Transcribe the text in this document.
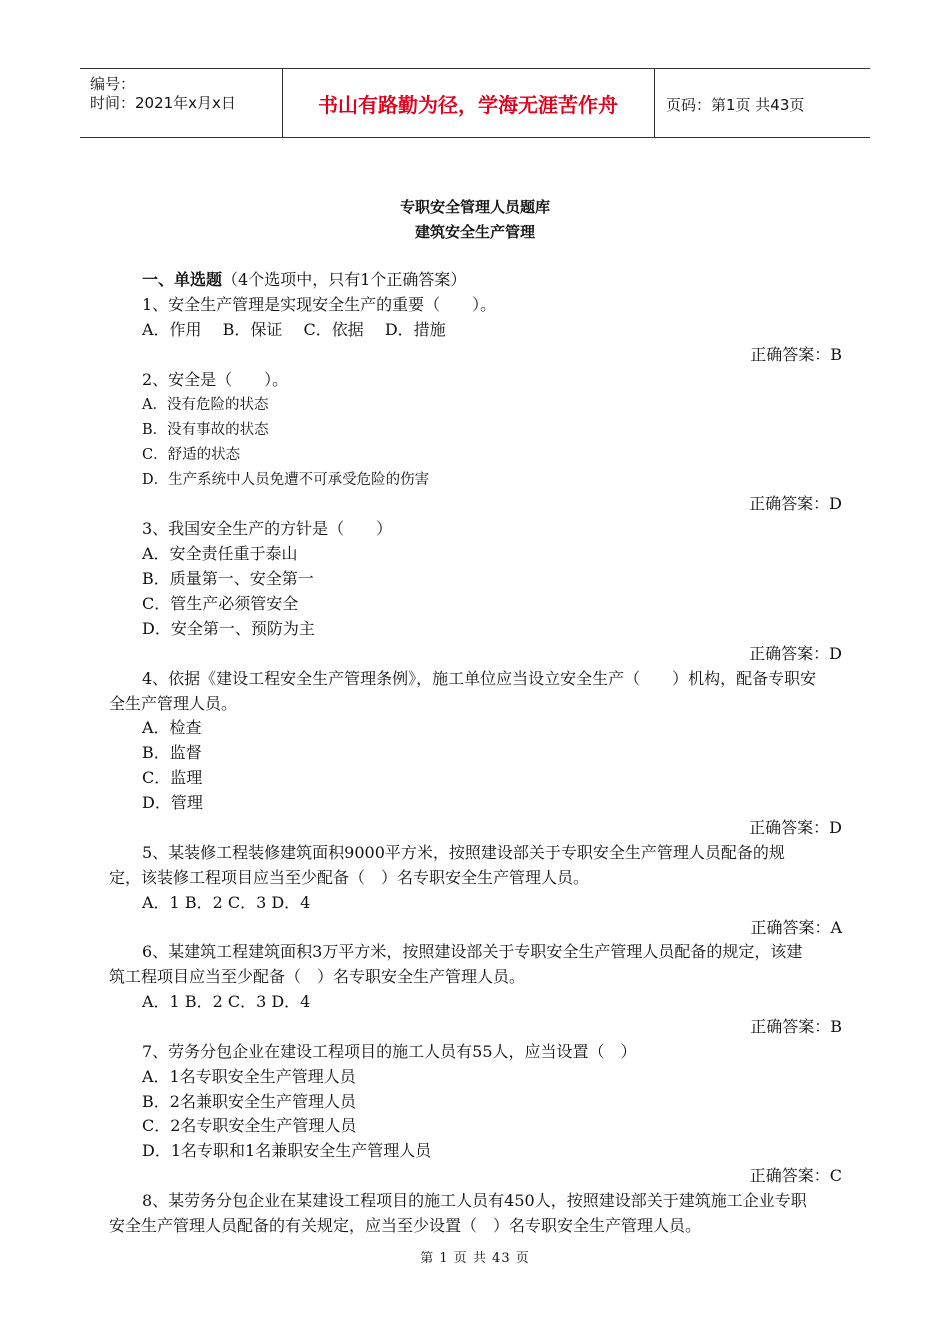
编号：
时间：2021年x月x日	书山有路勤为径，学海无涯苦作舟	页码：第1页 共43页
专职安全管理人员题库
建筑安全生产管理
一、单选题（4个选项中，只有1个正确答案）
1、安全生产管理是实现安全生产的重要（　　）。
A．作用　 B．保证　 C．依据　 D．措施
正确答案：B
2、安全是（　　）。
A．没有危险的状态
B．没有事故的状态
C．舒适的状态
D．生产系统中人员免遭不可承受危险的伤害
正确答案：D
3、我国安全生产的方针是（　　）
A．安全责任重于泰山
B．质量第一、安全第一
C．管生产必须管安全
D．安全第一、预防为主
正确答案：D
4、依据《建设工程安全生产管理条例》，施工单位应当设立安全生产（　　）机构，配备专职安
全生产管理人员。
A．检查
B．监督
C．监理
D．管理
正确答案：D
5、某装修工程装修建筑面积9000平方米，按照建设部关于专职安全生产管理人员配备的规
定，该装修工程项目应当至少配备（　）名专职安全生产管理人员。
A．1 B．2 C．3 D．4
正确答案：A
6、某建筑工程建筑面积3万平方米，按照建设部关于专职安全生产管理人员配备的规定，该建
筑工程项目应当至少配备（　）名专职安全生产管理人员。
A．1 B．2 C．3 D．4
正确答案：B
7、劳务分包企业在建设工程项目的施工人员有55人，应当设置（　）
A．1名专职安全生产管理人员
B．2名兼职安全生产管理人员
C．2名专职安全生产管理人员
D．1名专职和1名兼职安全生产管理人员
正确答案：C
8、某劳务分包企业在某建设工程项目的施工人员有450人，按照建设部关于建筑施工企业专职
安全生产管理人员配备的有关规定，应当至少设置（　）名专职安全生产管理人员。
第 1 页 共 43 页
